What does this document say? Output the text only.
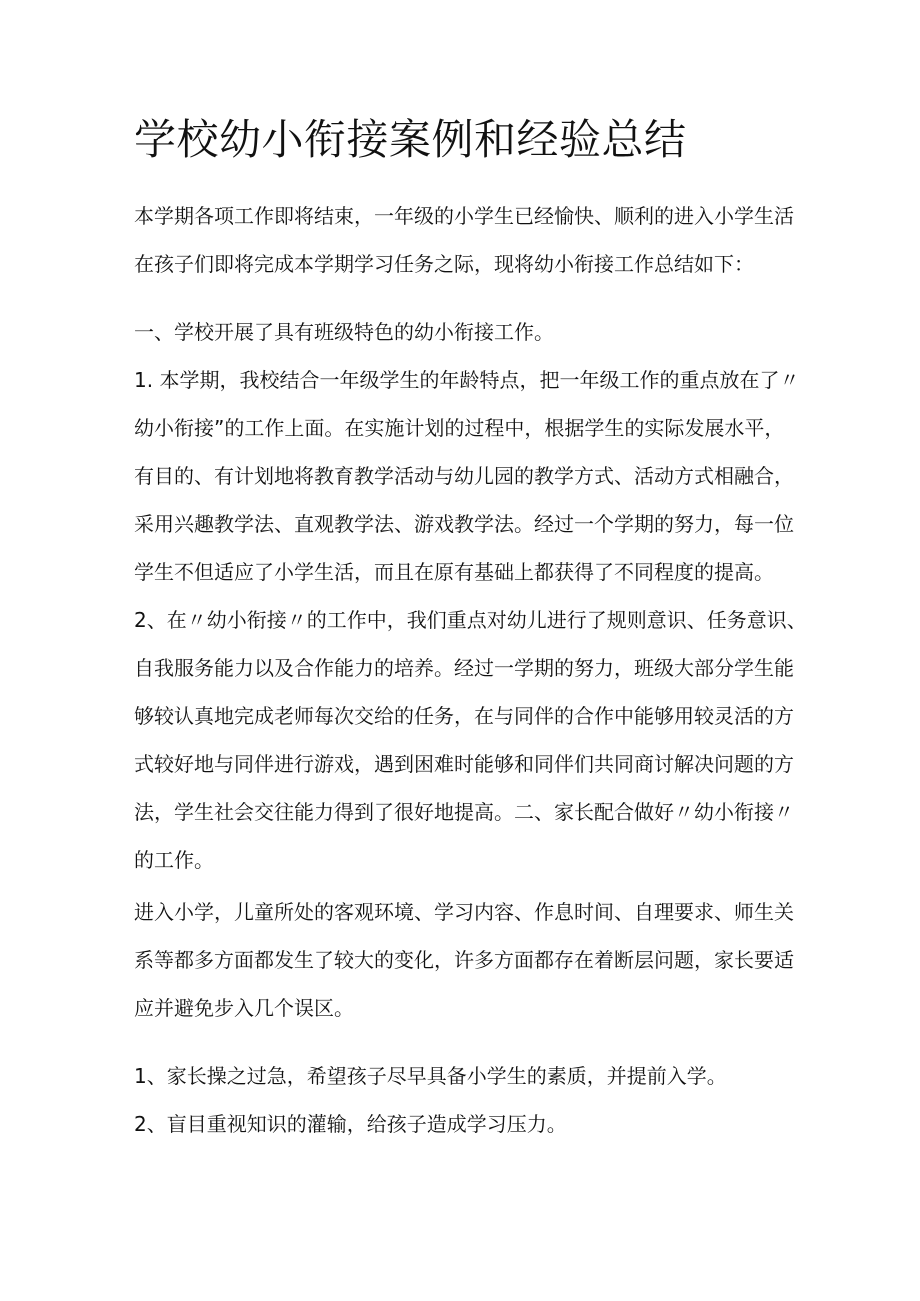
学校幼小衔接案例和经验总结
本学期各项工作即将结束，一年级的小学生已经愉快、顺利的进入小学生活
在孩子们即将完成本学期学习任务之际，现将幼小衔接工作总结如下：
一、学校开展了具有班级特色的幼小衔接工作。
1. 本学期，我校结合一年级学生的年龄特点，把一年级工作的重点放在了〃
幼小衔接”的工作上面。在实施计划的过程中，根据学生的实际发展水平，
有目的、有计划地将教育教学活动与幼儿园的教学方式、活动方式相融合，
采用兴趣教学法、直观教学法、游戏教学法。经过一个学期的努力，每一位
学生不但适应了小学生活，而且在原有基础上都获得了不同程度的提高。
2、在〃幼小衔接〃的工作中，我们重点对幼儿进行了规则意识、任务意识、
自我服务能力以及合作能力的培养。经过一学期的努力，班级大部分学生能
够较认真地完成老师每次交给的任务，在与同伴的合作中能够用较灵活的方
式较好地与同伴进行游戏，遇到困难时能够和同伴们共同商讨解决问题的方
法，学生社会交往能力得到了很好地提高。二、家长配合做好〃幼小衔接〃
的工作。
进入小学，儿童所处的客观环境、学习内容、作息时间、自理要求、师生关
系等都多方面都发生了较大的变化，许多方面都存在着断层问题，家长要适
应并避免步入几个误区。
1、家长操之过急，希望孩子尽早具备小学生的素质，并提前入学。
2、盲目重视知识的灌输，给孩子造成学习压力。
